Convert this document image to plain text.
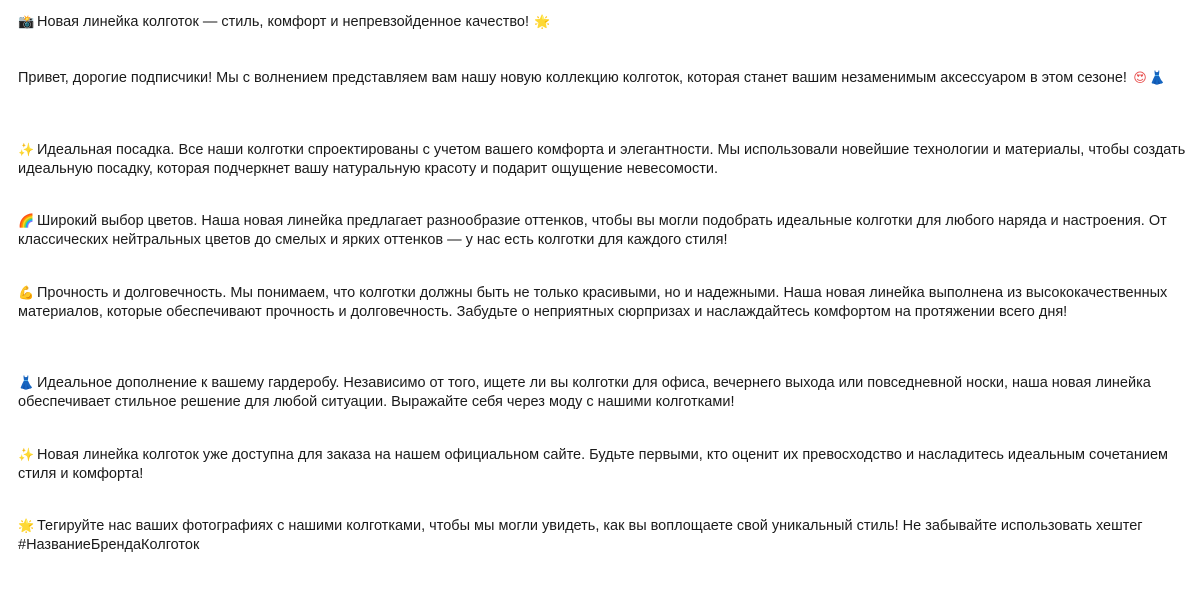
📸 Новая линейка колготок — стиль, комфорт и непревзойденное качество! 🌟

Привет, дорогие подписчики! Мы с волнением представляем вам нашу новую коллекцию колготок, которая станет вашим незаменимым аксессуаром в этом сезоне! 😍 👗

✨ Идеальная посадка. Все наши колготки спроектированы с учетом вашего комфорта и элегантности. Мы использовали новейшие технологии и материалы, чтобы создать идеальную посадку, которая подчеркнет вашу натуральную красоту и подарит ощущение невесомости.

🌈 Широкий выбор цветов. Наша новая линейка предлагает разнообразие оттенков, чтобы вы могли подобрать идеальные колготки для любого наряда и настроения. От классических нейтральных цветов до смелых и ярких оттенков — у нас есть колготки для каждого стиля!

💪 Прочность и долговечность. Мы понимаем, что колготки должны быть не только красивыми, но и надежными. Наша новая линейка выполнена из высококачественных материалов, которые обеспечивают прочность и долговечность. Забудьте о неприятных сюрпризах и наслаждайтесь комфортом на протяжении всего дня!

👗 Идеальное дополнение к вашему гардеробу. Независимо от того, ищете ли вы колготки для офиса, вечернего выхода или повседневной носки, наша новая линейка обеспечивает стильное решение для любой ситуации. Выражайте себя через моду с нашими колготками!

✨ Новая линейка колготок уже доступна для заказа на нашем официальном сайте. Будьте первыми, кто оценит их превосходство и насладитесь идеальным сочетанием стиля и комфорта!

🌟 Тегируйте нас ваших фотографиях с нашими колготками, чтобы мы могли увидеть, как вы воплощаете свой уникальный стиль! Не забывайте использовать хештег #НазваниеБрендаКолготок
